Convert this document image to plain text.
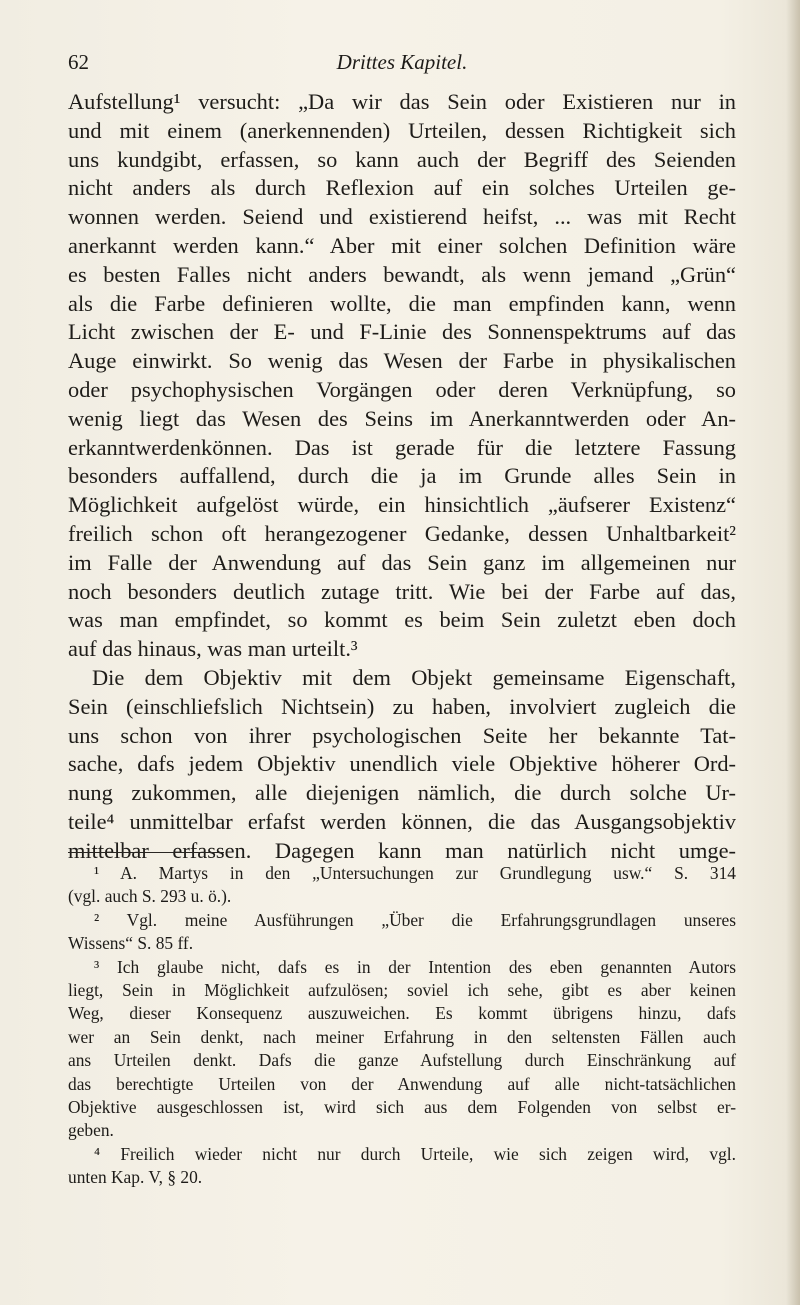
62	Drittes Kapitel.
Aufstellung¹ versucht: „Da wir das Sein oder Existieren nur in
und mit einem (anerkennenden) Urteilen, dessen Richtigkeit sich
uns kundgibt, erfassen, so kann auch der Begriff des Seienden
nicht anders als durch Reflexion auf ein solches Urteilen ge-
wonnen werden. Seiend und existierend heifst, ... was mit Recht
anerkannt werden kann.“ Aber mit einer solchen Definition wäre
es besten Falles nicht anders bewandt, als wenn jemand „Grün“
als die Farbe definieren wollte, die man empfinden kann, wenn
Licht zwischen der E- und F-Linie des Sonnenspektrums auf das
Auge einwirkt. So wenig das Wesen der Farbe in physikalischen
oder psychophysischen Vorgängen oder deren Verknüpfung, so
wenig liegt das Wesen des Seins im Anerkanntwerden oder An-
erkanntwerdenkönnen. Das ist gerade für die letztere Fassung
besonders auffallend, durch die ja im Grunde alles Sein in
Möglichkeit aufgelöst würde, ein hinsichtlich „äufserer Existenz“
freilich schon oft herangezogener Gedanke, dessen Unhaltbarkeit²
im Falle der Anwendung auf das Sein ganz im allgemeinen nur
noch besonders deutlich zutage tritt. Wie bei der Farbe auf das,
was man empfindet, so kommt es beim Sein zuletzt eben doch
auf das hinaus, was man urteilt.³
Die dem Objektiv mit dem Objekt gemeinsame Eigenschaft,
Sein (einschliefslich Nichtsein) zu haben, involviert zugleich die
uns schon von ihrer psychologischen Seite her bekannte Tat-
sache, dafs jedem Objektiv unendlich viele Objektive höherer Ord-
nung zukommen, alle diejenigen nämlich, die durch solche Ur-
teile⁴ unmittelbar erfafst werden können, die das Ausgangsobjektiv
mittelbar erfassen. Dagegen kann man natürlich nicht umge-
¹ A. Martys in den „Untersuchungen zur Grundlegung usw.“ S. 314
(vgl. auch S. 293 u. ö.).
² Vgl. meine Ausführungen „Über die Erfahrungsgrundlagen unseres
Wissens“ S. 85 ff.
³ Ich glaube nicht, dafs es in der Intention des eben genannten Autors
liegt, Sein in Möglichkeit aufzulösen; soviel ich sehe, gibt es aber keinen
Weg, dieser Konsequenz auszuweichen. Es kommt übrigens hinzu, dafs
wer an Sein denkt, nach meiner Erfahrung in den seltensten Fällen auch
ans Urteilen denkt. Dafs die ganze Aufstellung durch Einschränkung auf
das berechtigte Urteilen von der Anwendung auf alle nicht-tatsächlichen
Objektive ausgeschlossen ist, wird sich aus dem Folgenden von selbst er-
geben.
⁴ Freilich wieder nicht nur durch Urteile, wie sich zeigen wird, vgl.
unten Kap. V, § 20.
